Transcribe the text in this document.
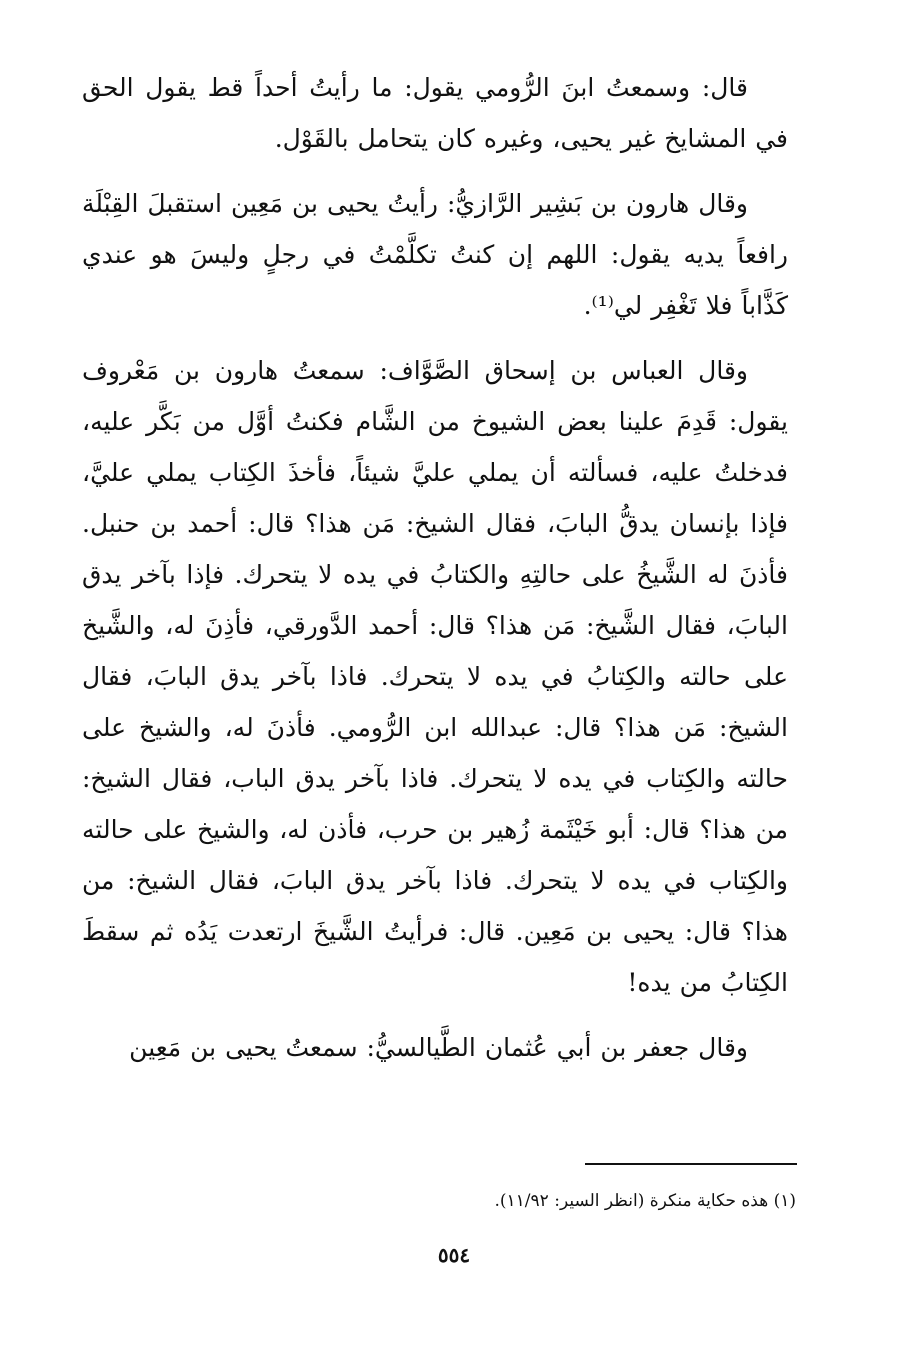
قال: وسمعتُ ابنَ الرُّومي يقول: ما رأيتُ أحداً قط يقول الحق في المشايخ غير يحيى، وغيره كان يتحامل بالقَوْل.

وقال هارون بن بَشِير الرَّازيُّ: رأيتُ يحيى بن مَعِين استقبلَ القِبْلَة رافعاً يديه يقول: اللهم إن كنتُ تكلَّمْتُ في رجلٍ وليسَ هو عندي كَذَّاباً فلا تَغْفِر لي⁽¹⁾.

وقال العباس بن إسحاق الصَّوَّاف: سمعتُ هارون بن مَعْروف يقول: قَدِمَ علينا بعض الشيوخ من الشَّام فكنتُ أوَّل من بَكَّر عليه، فدخلتُ عليه، فسألته أن يملي عليَّ شيئاً، فأخذَ الكِتاب يملي عليَّ، فإذا بإنسان يدقُّ البابَ، فقال الشيخ: مَن هذا؟ قال: أحمد بن حنبل. فأذنَ له الشَّيخُ على حالتِهِ والكتابُ في يده لا يتحرك. فإذا بآخر يدق البابَ، فقال الشَّيخ: مَن هذا؟ قال: أحمد الدَّورقي، فأذِنَ له، والشَّيخ على حالته والكِتابُ في يده لا يتحرك. فاذا بآخر يدق البابَ، فقال الشيخ: مَن هذا؟ قال: عبدالله ابن الرُّومي. فأذنَ له، والشيخ على حالته والكِتاب في يده لا يتحرك. فاذا بآخر يدق الباب، فقال الشيخ: من هذا؟ قال: أبو خَيْثَمة زُهير بن حرب، فأذن له، والشيخ على حالته والكِتاب في يده لا يتحرك. فاذا بآخر يدق البابَ، فقال الشيخ: من هذا؟ قال: يحيى بن مَعِين. قال: فرأيتُ الشَّيخَ ارتعدت يَدُه ثم سقطَ الكِتابُ من يده!

وقال جعفر بن أبي عُثمان الطَّيالسيُّ: سمعتُ يحيى بن مَعِين

(١) هذه حكاية منكرة (انظر السير: ١١/٩٢).
٥٥٤
